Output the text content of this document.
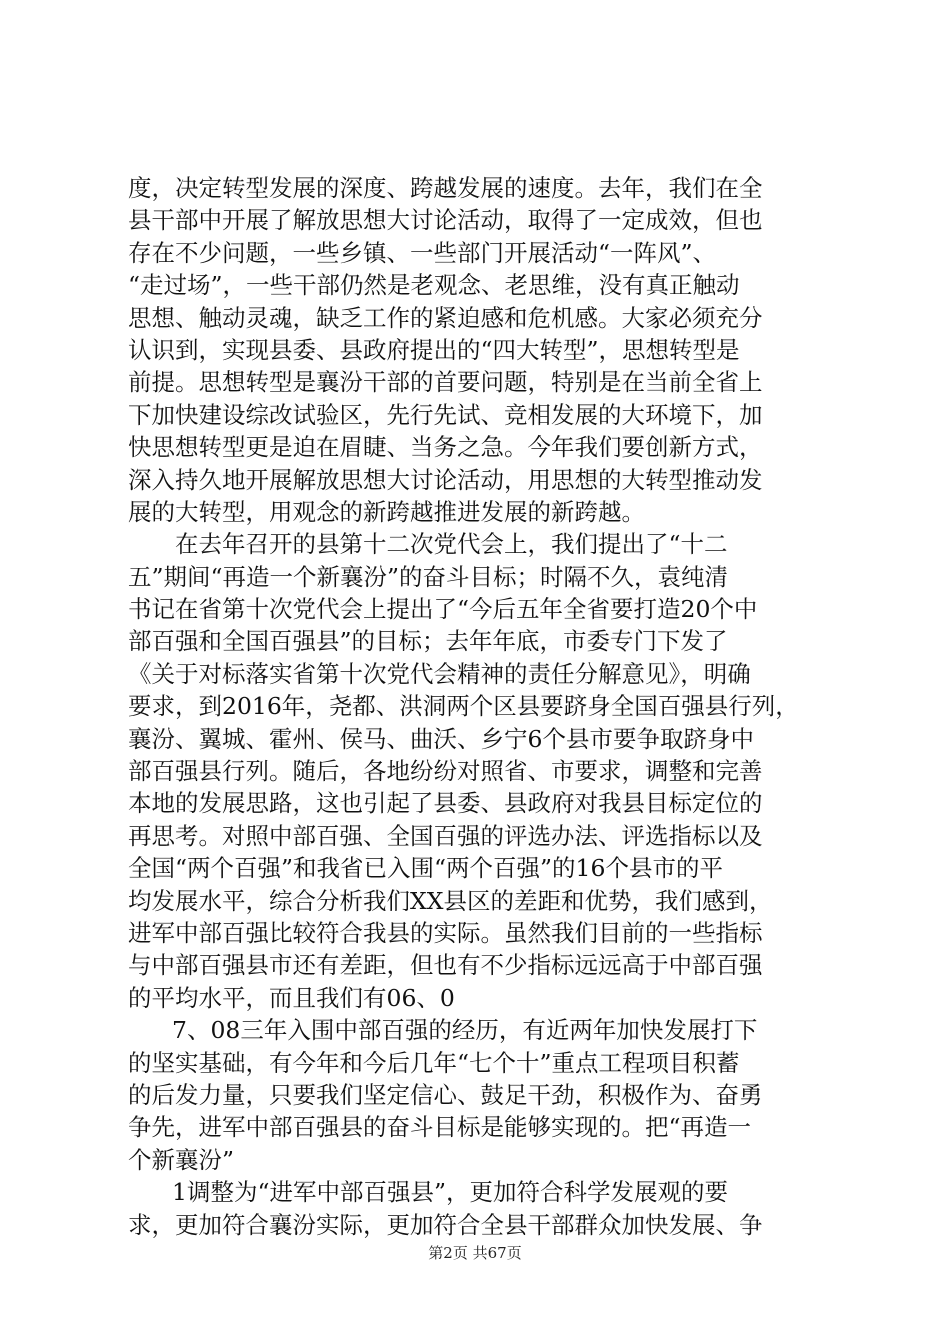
度，决定转型发展的深度、跨越发展的速度。去年，我们在全
县干部中开展了解放思想大讨论活动，取得了一定成效，但也
存在不少问题，一些乡镇、一些部门开展活动“一阵风”、
“走过场”，一些干部仍然是老观念、老思维，没有真正触动
思想、触动灵魂，缺乏工作的紧迫感和危机感。大家必须充分
认识到，实现县委、县政府提出的“四大转型”，思想转型是
前提。思想转型是襄汾干部的首要问题，特别是在当前全省上
下加快建设综改试验区，先行先试、竞相发展的大环境下，加
快思想转型更是迫在眉睫、当务之急。今年我们要创新方式，
深入持久地开展解放思想大讨论活动，用思想的大转型推动发
展的大转型，用观念的新跨越推进发展的新跨越。
在去年召开的县第十二次党代会上，我们提出了“十二
五”期间“再造一个新襄汾”的奋斗目标；时隔不久，袁纯清
书记在省第十次党代会上提出了“今后五年全省要打造20个中
部百强和全国百强县”的目标；去年年底，市委专门下发了
《关于对标落实省第十次党代会精神的责任分解意见》，明确
要求，到2016年，尧都、洪洞两个区县要跻身全国百强县行列，
襄汾、翼城、霍州、侯马、曲沃、乡宁6个县市要争取跻身中
部百强县行列。随后，各地纷纷对照省、市要求，调整和完善
本地的发展思路，这也引起了县委、县政府对我县目标定位的
再思考。对照中部百强、全国百强的评选办法、评选指标以及
全国“两个百强”和我省已入围“两个百强”的16个县市的平
均发展水平，综合分析我们XX县区的差距和优势，我们感到，
进军中部百强比较符合我县的实际。虽然我们目前的一些指标
与中部百强县市还有差距，但也有不少指标远远高于中部百强
的平均水平，而且我们有06、0
7、08三年入围中部百强的经历，有近两年加快发展打下
的坚实基础，有今年和今后几年“七个十”重点工程项目积蓄
的后发力量，只要我们坚定信心、鼓足干劲，积极作为、奋勇
争先，进军中部百强县的奋斗目标是能够实现的。把“再造一
个新襄汾”
1调整为“进军中部百强县”，更加符合科学发展观的要
求，更加符合襄汾实际，更加符合全县干部群众加快发展、争
第2页 共67页
